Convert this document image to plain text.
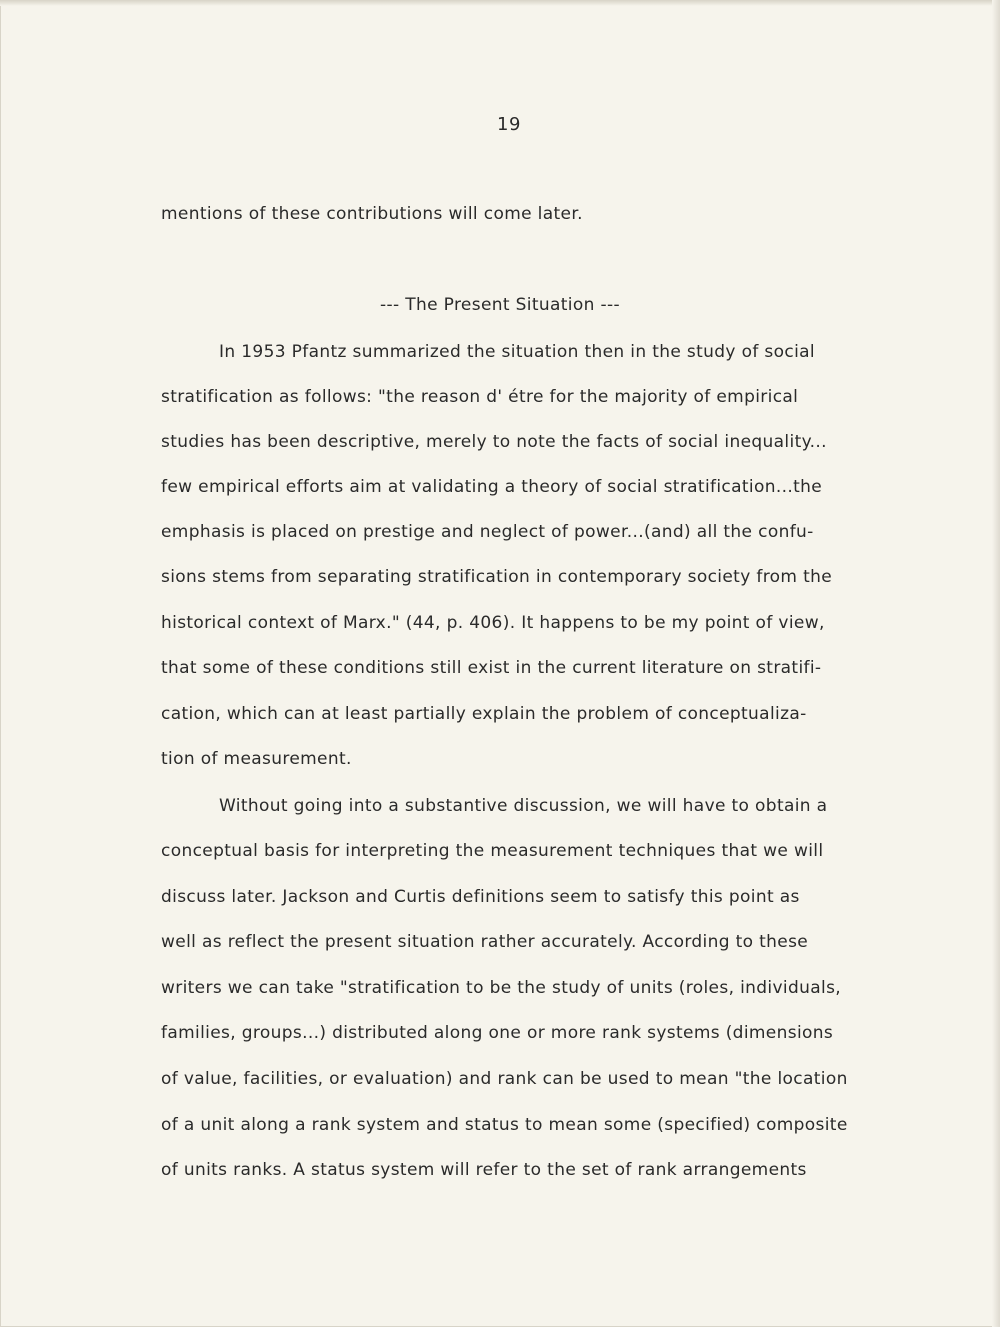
19
mentions of these contributions will come later.
--- The Present Situation ---
In 1953 Pfantz summarized the situation then in the study of social
stratification as follows: "the reason d' étre for the majority of empirical
studies has been descriptive, merely to note the facts of social inequality...
few empirical efforts aim at validating a theory of social stratification...the
emphasis is placed on prestige and neglect of power...(and) all the confu-
sions stems from separating stratification in contemporary society from the
historical context of Marx." (44, p. 406). It happens to be my point of view,
that some of these conditions still exist in the current literature on stratifi-
cation, which can at least partially explain the problem of conceptualiza-
tion of measurement.
Without going into a substantive discussion, we will have to obtain a
conceptual basis for interpreting the measurement techniques that we will
discuss later. Jackson and Curtis definitions seem to satisfy this point as
well as reflect the present situation rather accurately. According to these
writers we can take "stratification to be the study of units (roles, individuals,
families, groups...) distributed along one or more rank systems (dimensions
of value, facilities, or evaluation) and rank can be used to mean "the location
of a unit along a rank system and status to mean some (specified) composite
of units ranks. A status system will refer to the set of rank arrangements
